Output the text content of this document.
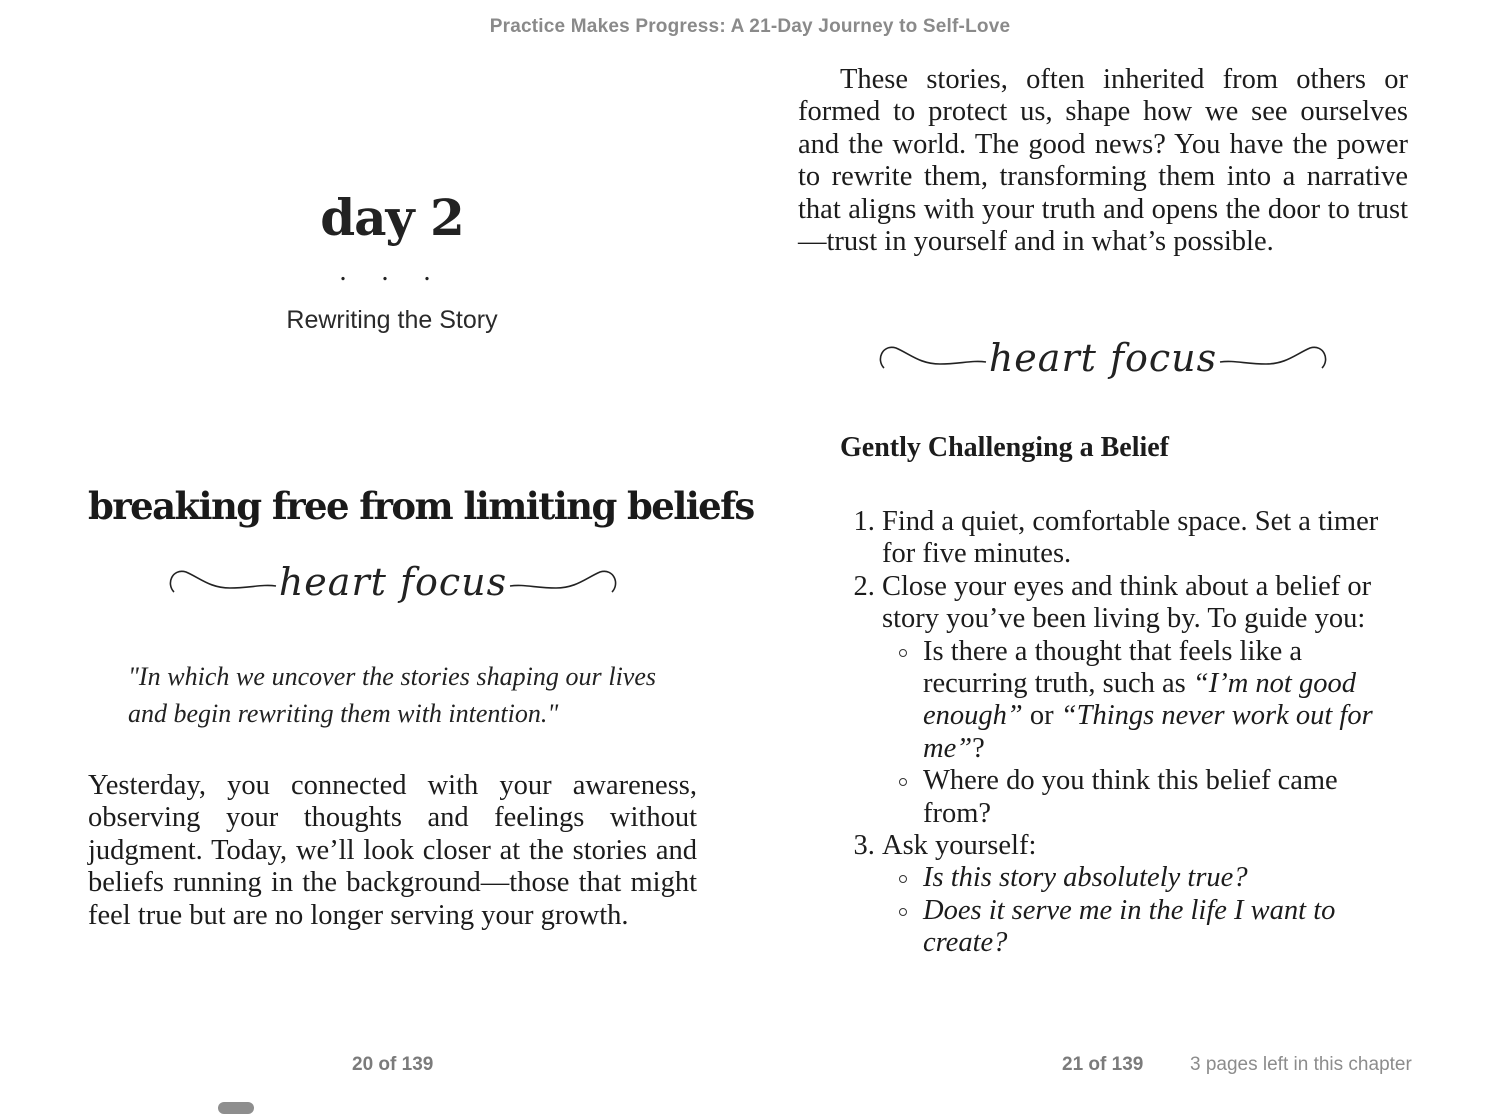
Practice Makes Progress: A 21-Day Journey to Self-Love
day 2
. . .
Rewriting the Story
breaking free from limiting beliefs
heart focus
"In which we uncover the stories shaping our lives and begin rewriting them with intention."
Yesterday, you connected with your awareness, observing your thoughts and feelings without judgment. Today, we’ll look closer at the stories and beliefs running in the background—those that might feel true but are no longer serving your growth.
These stories, often inherited from others or formed to protect us, shape how we see ourselves and the world. The good news? You have the power to rewrite them, transforming them into a narrative that aligns with your truth and opens the door to trust—trust in yourself and in what’s possible.
heart focus
Gently Challenging a Belief
1. Find a quiet, comfortable space. Set a timer for five minutes.
2. Close your eyes and think about a belief or story you’ve been living by. To guide you:
Is there a thought that feels like a recurring truth, such as “I’m not good enough” or “Things never work out for me”?
Where do you think this belief came from?
3. Ask yourself:
Is this story absolutely true?
Does it serve me in the life I want to create?
20 of 139	21 of 139 3 pages left in this chapter
